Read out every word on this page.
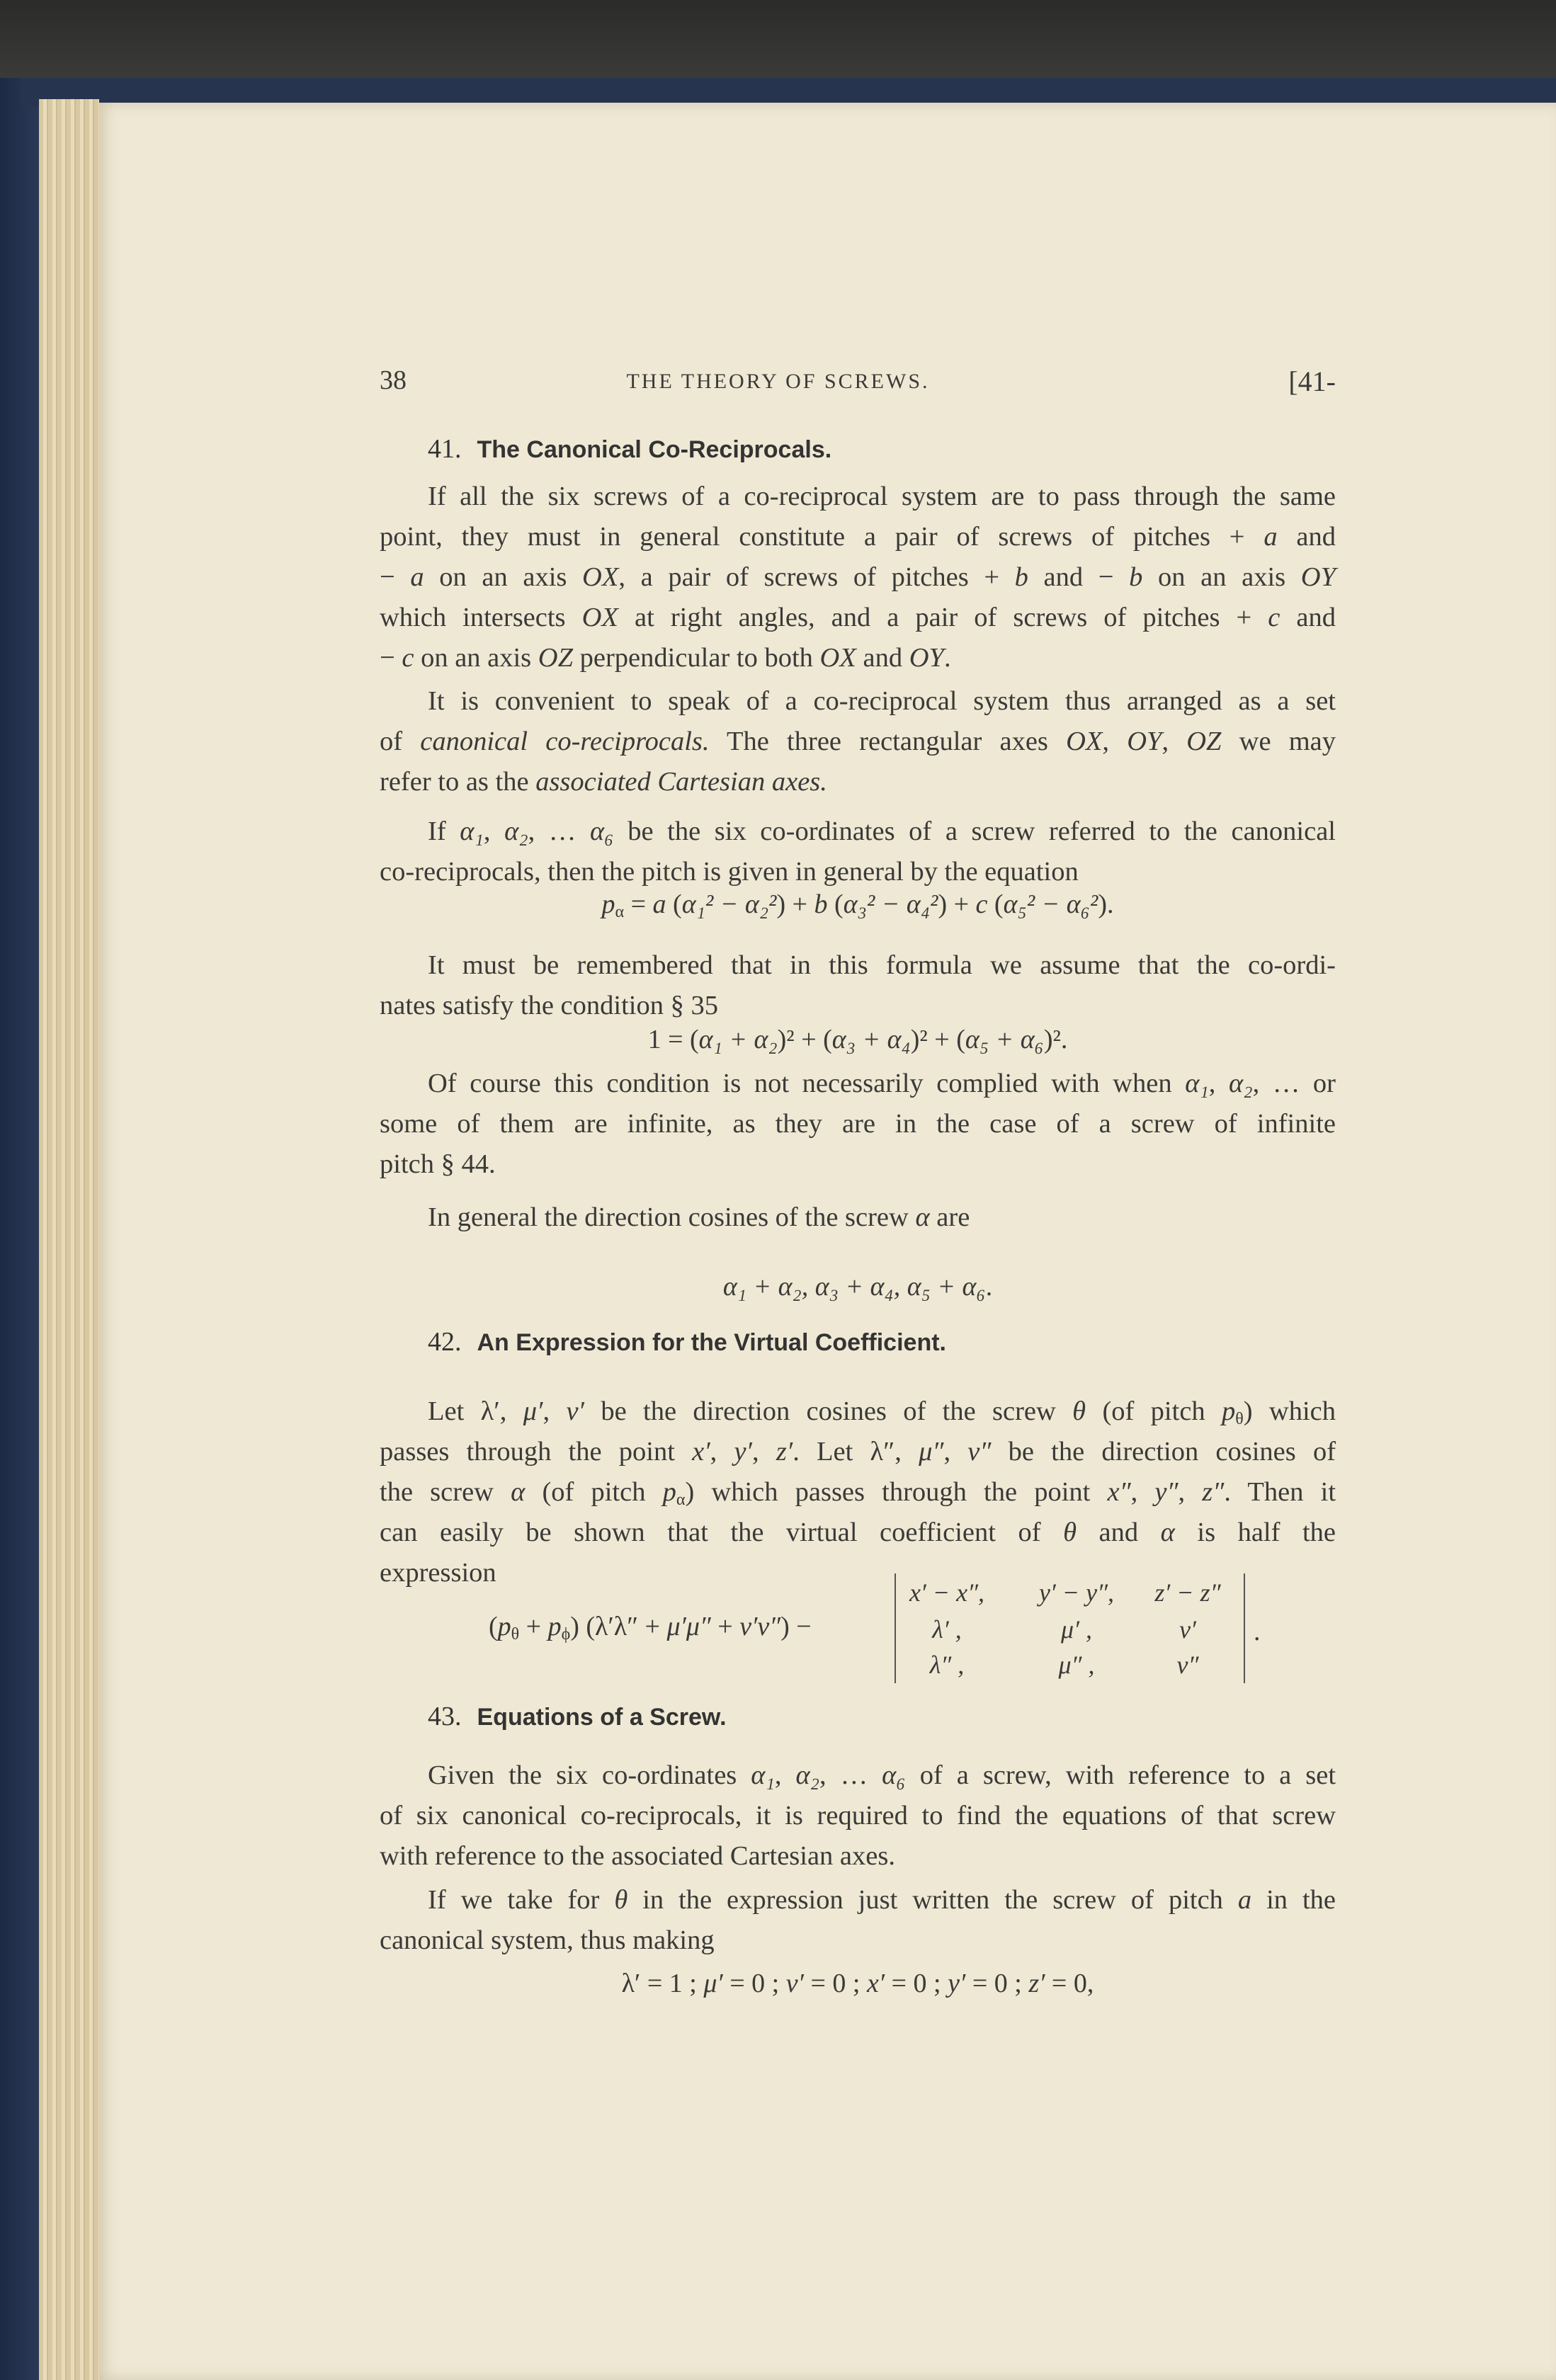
38	THE THEORY OF SCREWS.	[41-
41. The Canonical Co-Reciprocals.
42. An Expression for the Virtual Coefficient.
43. Equations of a Screw.
If all the six screws of a co-reciprocal system are to pass through the same
point, they must in general constitute a pair of screws of pitches + a and
− a on an axis OX, a pair of screws of pitches + b and − b on an axis OY
which intersects OX at right angles, and a pair of screws of pitches + c and
− c on an axis OZ perpendicular to both OX and OY.
It is convenient to speak of a co-reciprocal system thus arranged as a set
of canonical co-reciprocals. The three rectangular axes OX, OY, OZ we may
refer to as the associated Cartesian axes.
If α₁, α₂, … α₆ be the six co-ordinates of a screw referred to the canonical
co-reciprocals, then the pitch is given in general by the equation
$p_\alpha = a$ (α₁² − α₂²) + b (α₃² − α₄²) + c (α₅² − α₆²).
It must be remembered that in this formula we assume that the co-ordi-
nates satisfy the condition § 35
1 = (α₁ + α₂)² + (α₃ + α₄)² + (α₅ + α₆)².
Of course this condition is not necessarily complied with when α₁, α₂, … or
some of them are infinite, as they are in the case of a screw of infinite
pitch § 44.
In general the direction cosines of the screw α are
α₁ + α₂, α₃ + α₄, α₅ + α₆.
Let λ′, μ′, ν′ be the direction cosines of the screw θ (of pitch $p_\theta$) which
passes through the point x′, y′, z′. Let λ″, μ″, ν″ be the direction cosines of
the screw α (of pitch $p_\alpha$) which passes through the point x″, y″, z″. Then it
can easily be shown that the virtual coefficient of θ and α is half the
expression
$(p_\theta + p_\phi) (\lambda'\lambda'' + \mu'\mu'' + \nu'\nu'')$ −
x′ − x″,	y′ − y″,	z′ − z″
λ′ ,	μ′ ,	ν′
λ″ ,	μ″ ,	ν″
.
Given the six co-ordinates α₁, α₂, … α₆ of a screw, with reference to a set
of six canonical co-reciprocals, it is required to find the equations of that screw
with reference to the associated Cartesian axes.
If we take for θ in the expression just written the screw of pitch a in the
canonical system, thus making
λ′ = 1 ; μ′ = 0 ; ν′ = 0 ; x′ = 0 ; y′ = 0 ; z′ = 0,
